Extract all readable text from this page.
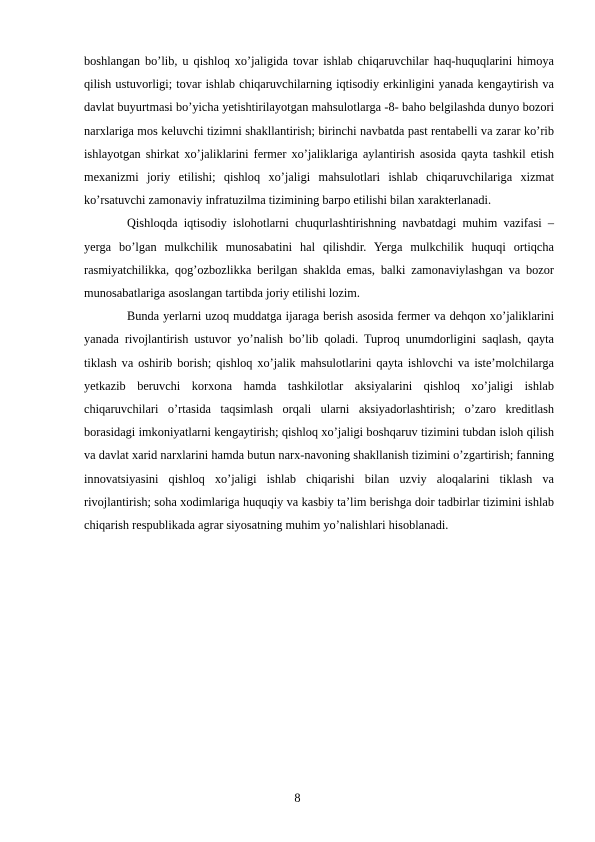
boshlangan bo’lib, u qishloq xo’jaligida tovar ishlab chiqaruvchilar haq-huquqlarini himoya qilish ustuvorligi; tovar ishlab chiqaruvchilarning iqtisodiy erkinligini yanada kengaytirish va davlat buyurtmasi bo’yicha yetishtirilayotgan mahsulotlarga -8- baho belgilashda dunyo bozori narxlariga mos keluvchi tizimni shakllantirish; birinchi navbatda past rentabelli va zarar ko’rib ishlayotgan shirkat xo’jaliklarini fermer xo’jaliklariga aylantirish asosida qayta tashkil etish mexanizmi joriy etilishi; qishloq xo’jaligi mahsulotlari ishlab chiqaruvchilariga xizmat ko’rsatuvchi zamonaviy infratuzilma tizimining barpo etilishi bilan xarakterlanadi.

Qishloqda iqtisodiy islohotlarni chuqurlashtirishning navbatdagi muhim vazifasi – yerga bo’lgan mulkchilik munosabatini hal qilishdir. Yerga mulkchilik huquqi ortiqcha rasmiyatchilikka, qog’ozbozlikka berilgan shaklda emas, balki zamonaviylashgan va bozor munosabatlariga asoslangan tartibda joriy etilishi lozim.

Bunda yerlarni uzoq muddatga ijaraga berish asosida fermer va dehqon xo’jaliklarini yanada rivojlantirish ustuvor yo’nalish bo’lib qoladi. Tuproq unumdorligini saqlash, qayta tiklash va oshirib borish; qishloq xo’jalik mahsulotlarini qayta ishlovchi va iste’molchilarga yetkazib beruvchi korxona hamda tashkilotlar aksiyalarini qishloq xo’jaligi ishlab chiqaruvchilari o’rtasida taqsimlash orqali ularni aksiyadorlashtirish; o’zaro kreditlash borasidagi imkoniyatlarni kengaytirish; qishloq xo’jaligi boshqaruv tizimini tubdan isloh qilish va davlat xarid narxlarini hamda butun narx-navoning shakllanish tizimini o’zgartirish; fanning innovatsiyasini qishloq xo’jaligi ishlab chiqarishi bilan uzviy aloqalarini tiklash va rivojlantirish; soha xodimlariga huquqiy va kasbiy ta’lim berishga doir tadbirlar tizimini ishlab chiqarish respublikada agrar siyosatning muhim yo’nalishlari hisoblanadi.

8
